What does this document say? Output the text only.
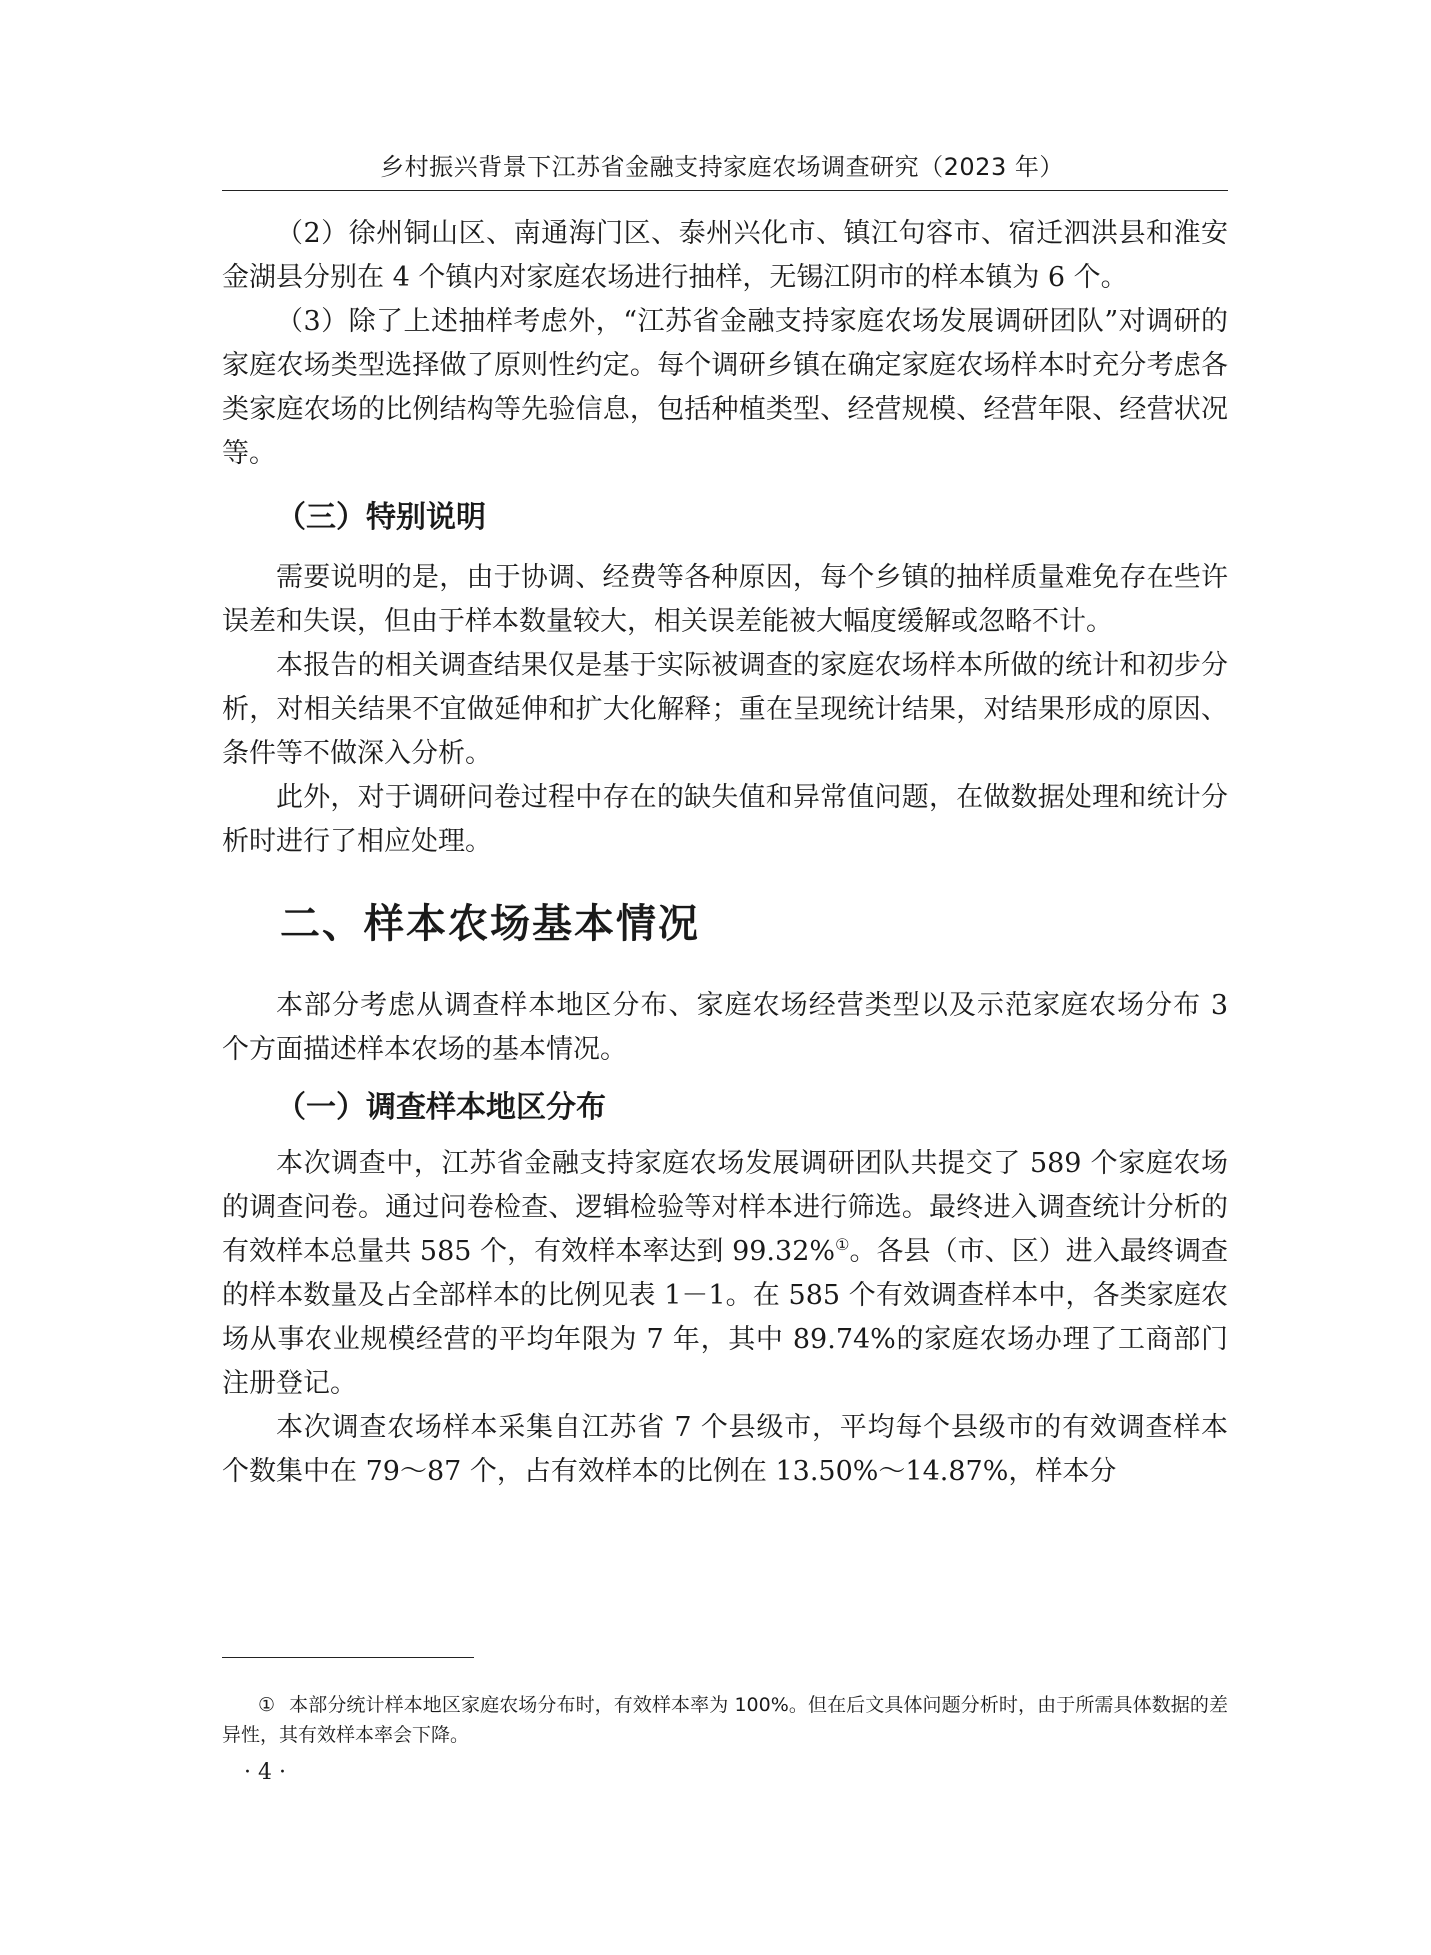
乡村振兴背景下江苏省金融支持家庭农场调查研究（2023 年）

（2）徐州铜山区、南通海门区、泰州兴化市、镇江句容市、宿迁泗洪县和淮安金湖县分别在 4 个镇内对家庭农场进行抽样，无锡江阴市的样本镇为 6 个。

（3）除了上述抽样考虑外，“江苏省金融支持家庭农场发展调研团队”对调研的家庭农场类型选择做了原则性约定。每个调研乡镇在确定家庭农场样本时充分考虑各类家庭农场的比例结构等先验信息，包括种植类型、经营规模、经营年限、经营状况等。

（三）特别说明

需要说明的是，由于协调、经费等各种原因，每个乡镇的抽样质量难免存在些许误差和失误，但由于样本数量较大，相关误差能被大幅度缓解或忽略不计。

本报告的相关调查结果仅是基于实际被调查的家庭农场样本所做的统计和初步分析，对相关结果不宜做延伸和扩大化解释；重在呈现统计结果，对结果形成的原因、条件等不做深入分析。

此外，对于调研问卷过程中存在的缺失值和异常值问题，在做数据处理和统计分析时进行了相应处理。

二、样本农场基本情况

本部分考虑从调查样本地区分布、家庭农场经营类型以及示范家庭农场分布 3 个方面描述样本农场的基本情况。

（一）调查样本地区分布

本次调查中，江苏省金融支持家庭农场发展调研团队共提交了 589 个家庭农场的调查问卷。通过问卷检查、逻辑检验等对样本进行筛选。最终进入调查统计分析的有效样本总量共 585 个，有效样本率达到 99.32%①。各县（市、区）进入最终调查的样本数量及占全部样本的比例见表 1－1。在 585 个有效调查样本中，各类家庭农场从事农业规模经营的平均年限为 7 年，其中 89.74%的家庭农场办理了工商部门注册登记。

本次调查农场样本采集自江苏省 7 个县级市，平均每个县级市的有效调查样本个数集中在 79～87 个，占有效样本的比例在 13.50%～14.87%，样本分

① 本部分统计样本地区家庭农场分布时，有效样本率为 100%。但在后文具体问题分析时，由于所需具体数据的差异性，其有效样本率会下降。
· 4 ·
